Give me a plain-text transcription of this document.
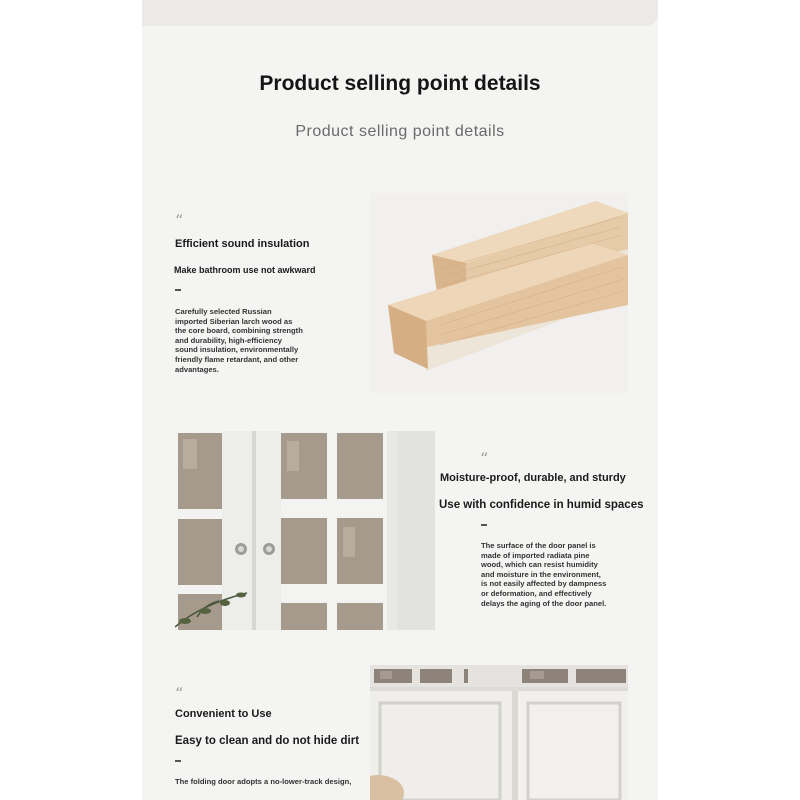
Product selling point details
Product selling point details
“
Efficient sound insulation
Make bathroom use not awkward
Carefully selected Russian
imported Siberian larch wood as
the core board, combining strength
and durability, high-efficiency
sound insulation, environmentally
friendly flame retardant, and other
advantages.
“
Moisture-proof, durable, and sturdy
Use with confidence in humid spaces
The surface of the door panel is
made of imported radiata pine
wood, which can resist humidity
and moisture in the environment,
is not easily affected by dampness
or deformation, and effectively
delays the aging of the door panel.
“
Convenient to Use
Easy to clean and do not hide dirt
The folding door adopts a no-lower-track design,
